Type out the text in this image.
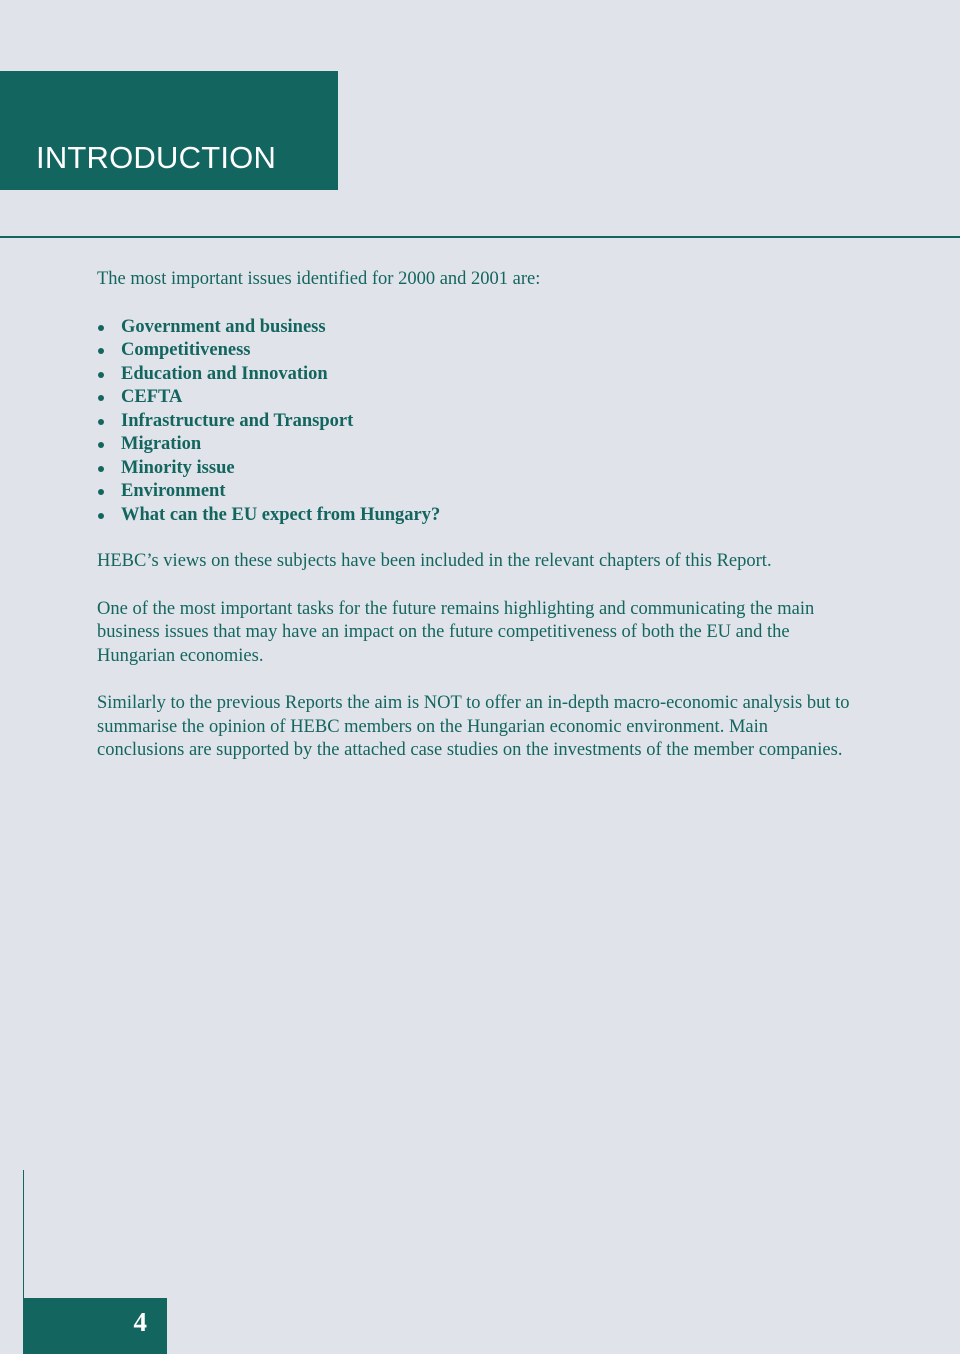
INTRODUCTION

The most important issues identified for 2000 and 2001 are:

Government and business
Competitiveness
Education and Innovation
CEFTA
Infrastructure and Transport
Migration
Minority issue
Environment
What can the EU expect from Hungary?

HEBC’s views on these subjects have been included in the relevant chapters of this Report.

One of the most important tasks for the future remains highlighting and communicating the main business issues that may have an impact on the future competitiveness of both the EU and the Hungarian economies.

Similarly to the previous Reports the aim is NOT to offer an in-depth macro-economic analysis but to summarise the opinion of HEBC members on the Hungarian economic environment. Main conclusions are supported by the attached case studies on the investments of the member companies.

4
